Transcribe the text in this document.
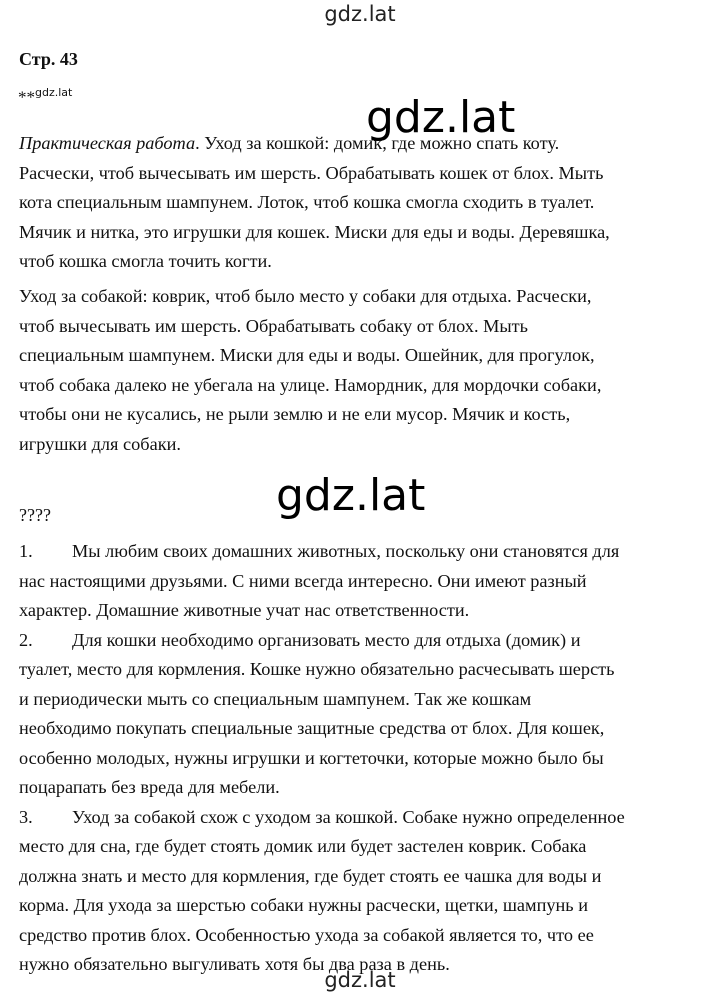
gdz.lat
gdz.lat
Стр. 43
**$^{gdz.lat}$

Практическая работа. Уход за кошкой: домик, где можно спать коту.
Расчески, чтоб вычесывать им шерсть. Обрабатывать кошек от блох. Мыть
кота специальным шампунем. Лоток, чтоб кошка смогла сходить в туалет.
Мячик и нитка, это игрушки для кошек. Миски для еды и воды. Деревяшка,
чтоб кошка смогла точить когти.

Уход за собакой: коврик, чтоб было место у собаки для отдыха. Расчески,
чтоб вычесывать им шерсть. Обрабатывать собаку от блох. Мыть
специальным шампунем. Миски для еды и воды. Ошейник, для прогулок,
чтоб собака далеко не убегала на улице. Намордник, для мордочки собаки,
чтобы они не кусались, не рыли землю и не ели мусор. Мячик и кость,
игрушки для собаки.

gdz.lat
????
1. Мы любим своих домашних животных, поскольку они становятся для
нас настоящими друзьями. С ними всегда интересно. Они имеют разный
характер. Домашние животные учат нас ответственности.
2. Для кошки необходимо организовать место для отдыха (домик) и
туалет, место для кормления. Кошке нужно обязательно расчесывать шерсть
и периодически мыть со специальным шампунем. Так же кошкам
необходимо покупать специальные защитные средства от блох. Для кошек,
особенно молодых, нужны игрушки и когтеточки, которые можно было бы
поцарапать без вреда для мебели.
3. Уход за собакой схож с уходом за кошкой. Собаке нужно определенное
место для сна, где будет стоять домик или будет застелен коврик. Собака
должна знать и место для кормления, где будет стоять ее чашка для воды и
корма. Для ухода за шерстью собаки нужны расчески, щетки, шампунь и
средство против блох. Особенностью ухода за собакой является то, что ее
нужно обязательно выгуливать хотя бы два раза в день.
gdz.lat
